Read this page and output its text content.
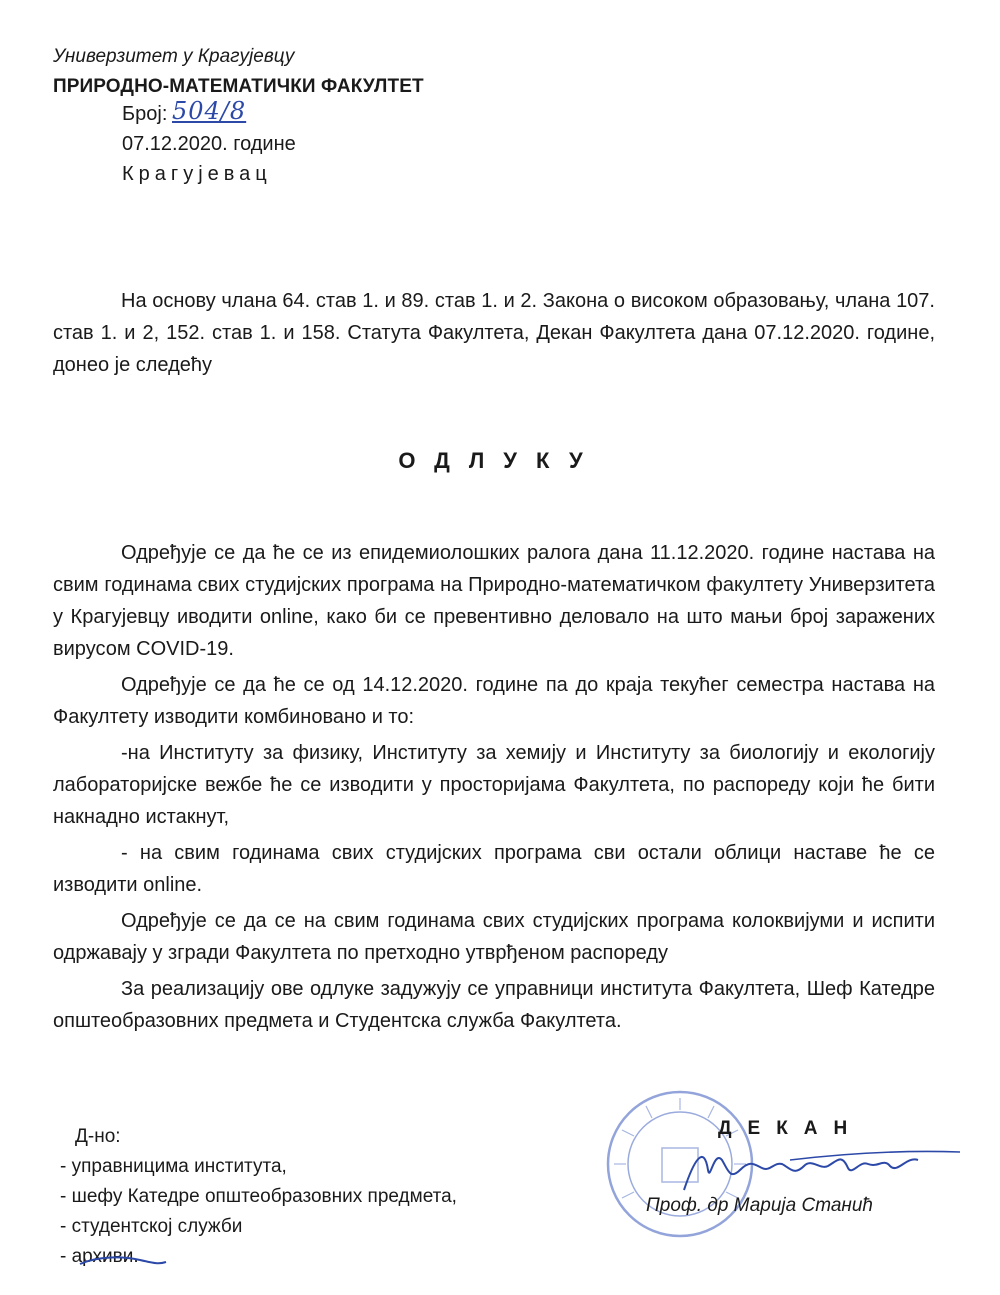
Универзитет у Крагујевцу
ПРИРОДНО-МАТЕМАТИЧКИ ФАКУЛТЕТ
Број: 504/8
07.12.2020. године
Крагујевац

На основу члана 64. став 1. и 89. став 1. и 2. Закона о високом образовању, члана 107. став 1. и 2, 152. став 1. и 158. Статута Факултета, Декан Факултета дана 07.12.2020. године, донео је следећу

ОДЛУКУ

Одређује се да ће се из епидемиолошких ралога дана 11.12.2020. године настава на свим годинама свих студијских програма на Природно-математичком факултету Универзитета у Крагујевцу иводити online, како би се превентивно деловало на што мањи број заражених вирусом COVID-19.

Одређује се да ће се од 14.12.2020. године па до краја текућег семестра настава на Факултету изводити комбиновано и то:

-на Институту за физику, Институту за хемију и Институту за биологију и екологију лабораторијске вежбе ће се изводити у просторијама Факултета, по распореду који ће бити накнадно истакнут,

- на свим годинама свих студијских програма сви остали облици наставе ће се изводити online.

Одређује се да се на свим годинама свих студијских програма колоквијуми и испити одржавају у згради Факултета по претходно утврђеном распореду

За реализацију ове одлуке задужују се управници института Факултета, Шеф Катедре општеобразовних предмета и Студентска служба Факултета.

Д-но:
- управницима института,
- шефу Катедре општеобразовних предмета,
- студентској служби
- архиви.
ДЕКАН
Проф. др Марија Станић
